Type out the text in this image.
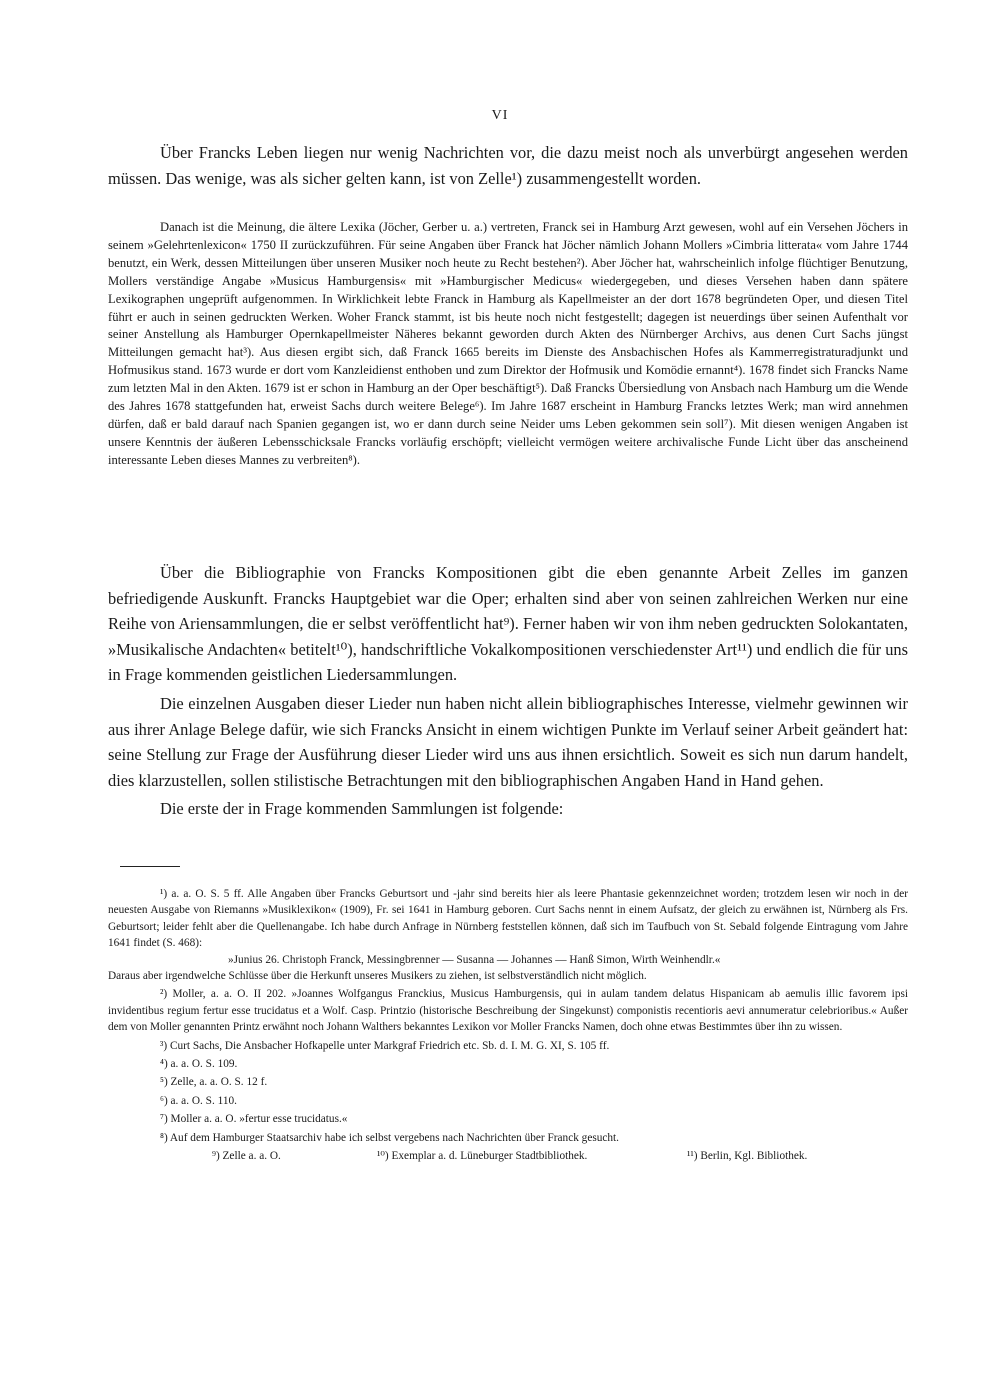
VI

Über Francks Leben liegen nur wenig Nachrichten vor, die dazu meist noch als unverbürgt angesehen werden müssen. Das wenige, was als sicher gelten kann, ist von Zelle¹) zusammengestellt worden.

Danach ist die Meinung, die ältere Lexika (Jöcher, Gerber u. a.) vertreten, Franck sei in Hamburg Arzt gewesen, wohl auf ein Versehen Jöchers in seinem »Gelehrtenlexicon« 1750 II zurückzuführen. Für seine Angaben über Franck hat Jöcher nämlich Johann Mollers »Cimbria litterata« vom Jahre 1744 benutzt, ein Werk, dessen Mitteilungen über unseren Musiker noch heute zu Recht bestehen²). Aber Jöcher hat, wahrscheinlich infolge flüchtiger Benutzung, Mollers verständige Angabe »Musicus Hamburgensis« mit »Hamburgischer Medicus« wiedergegeben, und dieses Versehen haben dann spätere Lexikographen ungeprüft aufgenommen. In Wirklichkeit lebte Franck in Hamburg als Kapellmeister an der dort 1678 begründeten Oper, und diesen Titel führt er auch in seinen gedruckten Werken. Woher Franck stammt, ist bis heute noch nicht festgestellt; dagegen ist neuerdings über seinen Aufenthalt vor seiner Anstellung als Hamburger Opernkapellmeister Näheres bekannt geworden durch Akten des Nürnberger Archivs, aus denen Curt Sachs jüngst Mitteilungen gemacht hat³). Aus diesen ergibt sich, daß Franck 1665 bereits im Dienste des Ansbachischen Hofes als Kammerregistraturadjunkt und Hofmusikus stand. 1673 wurde er dort vom Kanzleidienst enthoben und zum Direktor der Hofmusik und Komödie ernannt⁴). 1678 findet sich Francks Name zum letzten Mal in den Akten. 1679 ist er schon in Hamburg an der Oper beschäftigt⁵). Daß Francks Übersiedlung von Ansbach nach Hamburg um die Wende des Jahres 1678 stattgefunden hat, erweist Sachs durch weitere Belege⁶). Im Jahre 1687 erscheint in Hamburg Francks letztes Werk; man wird annehmen dürfen, daß er bald darauf nach Spanien gegangen ist, wo er dann durch seine Neider ums Leben gekommen sein soll⁷). Mit diesen wenigen Angaben ist unsere Kenntnis der äußeren Lebensschicksale Francks vorläufig erschöpft; vielleicht vermögen weitere archivalische Funde Licht über das anscheinend interessante Leben dieses Mannes zu verbreiten⁸).

Über die Bibliographie von Francks Kompositionen gibt die eben genannte Arbeit Zelles im ganzen befriedigende Auskunft. Francks Hauptgebiet war die Oper; erhalten sind aber von seinen zahlreichen Werken nur eine Reihe von Ariensammlungen, die er selbst veröffentlicht hat⁹). Ferner haben wir von ihm neben gedruckten Solokantaten, »Musikalische Andachten« betitelt¹⁰), handschriftliche Vokalkompositionen verschiedenster Art¹¹) und endlich die für uns in Frage kommenden geistlichen Liedersammlungen.

Die einzelnen Ausgaben dieser Lieder nun haben nicht allein bibliographisches Interesse, vielmehr gewinnen wir aus ihrer Anlage Belege dafür, wie sich Francks Ansicht in einem wichtigen Punkte im Verlauf seiner Arbeit geändert hat: seine Stellung zur Frage der Ausführung dieser Lieder wird uns aus ihnen ersichtlich. Soweit es sich nun darum handelt, dies klarzustellen, sollen stilistische Betrachtungen mit den bibliographischen Angaben Hand in Hand gehen.

Die erste der in Frage kommenden Sammlungen ist folgende:

¹) a. a. O. S. 5 ff. Alle Angaben über Francks Geburtsort und -jahr sind bereits hier als leere Phantasie gekennzeichnet worden; trotzdem lesen wir noch in der neuesten Ausgabe von Riemanns »Musiklexikon« (1909), Fr. sei 1641 in Hamburg geboren. Curt Sachs nennt in einem Aufsatz, der gleich zu erwähnen ist, Nürnberg als Frs. Geburtsort; leider fehlt aber die Quellenangabe. Ich habe durch Anfrage in Nürnberg feststellen können, daß sich im Taufbuch von St. Sebald folgende Eintragung vom Jahre 1641 findet (S. 468):

»Junius 26. Christoph Franck, Messingbrenner — Susanna — Johannes — Hanß Simon, Wirth Weinhendlr.«

Daraus aber irgendwelche Schlüsse über die Herkunft unseres Musikers zu ziehen, ist selbstverständlich nicht möglich.

²) Moller, a. a. O. II 202. »Joannes Wolfgangus Franckius, Musicus Hamburgensis, qui in aulam tandem delatus Hispanicam ab aemulis illic favorem ipsi invidentibus regium fertur esse trucidatus et a Wolf. Casp. Printzio (historische Beschreibung der Singekunst) componistis recentioris aevi annumeratur celebrioribus.« Außer dem von Moller genannten Printz erwähnt noch Johann Walthers bekanntes Lexikon vor Moller Francks Namen, doch ohne etwas Bestimmtes über ihn zu wissen.

³) Curt Sachs, Die Ansbacher Hofkapelle unter Markgraf Friedrich etc. Sb. d. I. M. G. XI, S. 105 ff.

⁴) a. a. O. S. 109.

⁵) Zelle, a. a. O. S. 12 f.

⁶) a. a. O. S. 110.

⁷) Moller a. a. O. »fertur esse trucidatus.«

⁸) Auf dem Hamburger Staatsarchiv habe ich selbst vergebens nach Nachrichten über Franck gesucht.

⁹) Zelle a. a. O.	¹⁰) Exemplar a. d. Lüneburger Stadtbibliothek.	¹¹) Berlin, Kgl. Bibliothek.
